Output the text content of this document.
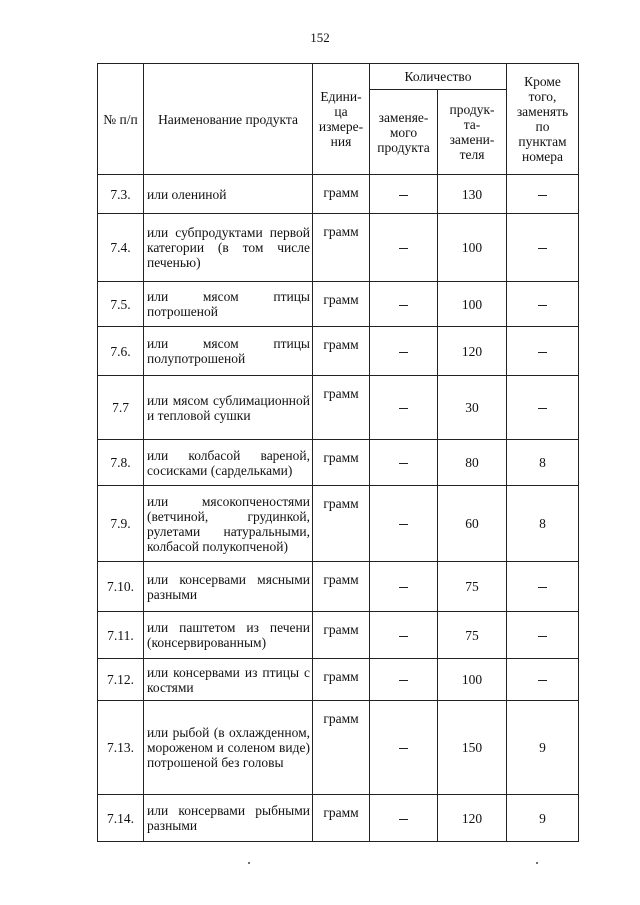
152
№ п/п	Наименование продукта	Едини-ца измере-ния	Количество		Кроме того, заменять по пунктам номера
			заменяе-мого продукта	продук-та-замени-теля	
7.3.	или олениной	грамм		130	
7.4.	или субпродуктами первой категории (в том числе печенью)	грамм		100	
7.5.	или мясом птицы потрошеной	грамм		100	
7.6.	или мясом птицы полупотрошеной	грамм		120	
7.7	или мясом сублимационной и тепловой сушки	грамм		30	
7.8.	или колбасой вареной, сосисками (сардельками)	грамм		80	8
7.9.	или мясокопченостями (ветчиной, грудинкой, рулетами натуральными, колбасой полукопченой)	грамм		60	8
7.10.	или консервами мясными разными	грамм		75	
7.11.	или паштетом из печени (консервированным)	грамм		75	
7.12.	или консервами из птицы с костями	грамм		100	
7.13.	или рыбой (в охлажденном, мороженом и соленом виде) потрошеной без головы	грамм		150	9
7.14.	или консервами рыбными разными	грамм		120	9
